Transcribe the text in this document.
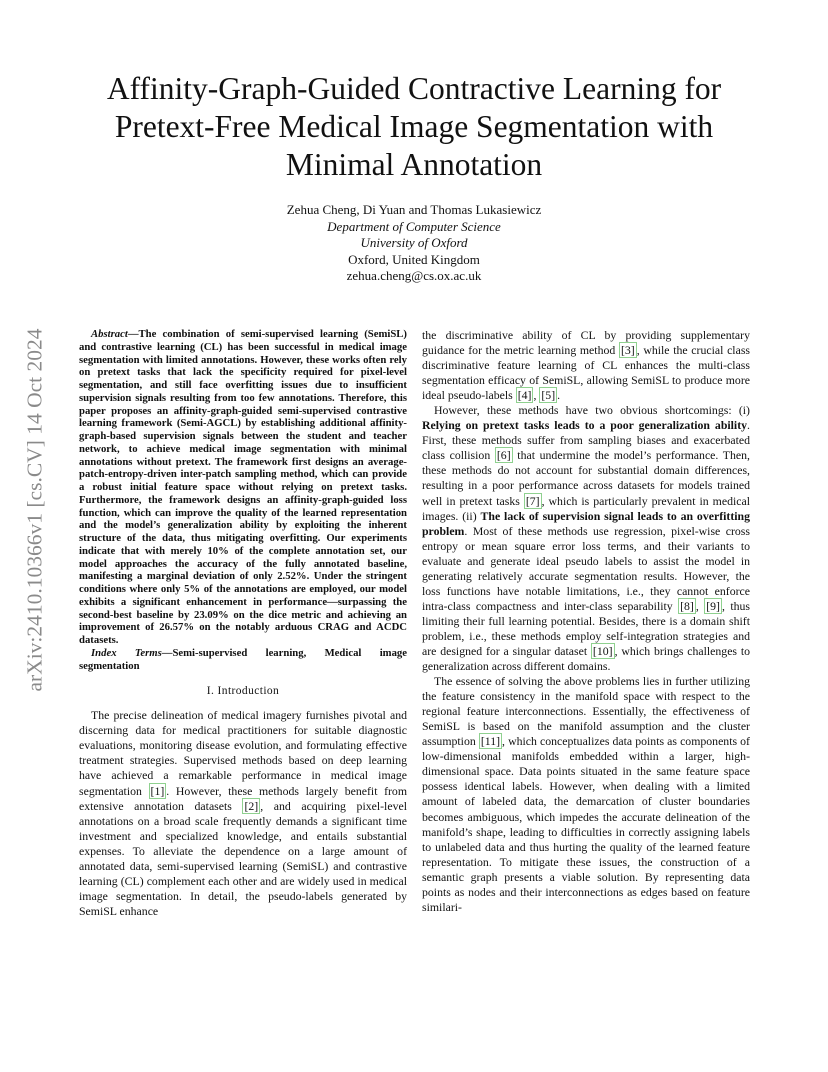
arXiv:2410.10366v1 [cs.CV] 14 Oct 2024
Affinity-Graph-Guided Contractive Learning for
Pretext-Free Medical Image Segmentation with
Minimal Annotation
Zehua Cheng, Di Yuan and Thomas Lukasiewicz
Department of Computer Science
University of Oxford
Oxford, United Kingdom
zehua.cheng@cs.ox.ac.uk

Abstract—The combination of semi-supervised learning (SemiSL) and contrastive learning (CL) has been successful in medical image segmentation with limited annotations. However, these works often rely on pretext tasks that lack the specificity required for pixel-level segmentation, and still face overfitting issues due to insufficient supervision signals resulting from too few annotations. Therefore, this paper proposes an affinity-graph-guided semi-supervised contrastive learning framework (Semi-AGCL) by establishing additional affinity-graph-based supervision signals between the student and teacher network, to achieve medical image segmentation with minimal annotations without pretext. The framework first designs an average-patch-entropy-driven inter-patch sampling method, which can provide a robust initial feature space without relying on pretext tasks. Furthermore, the framework designs an affinity-graph-guided loss function, which can improve the quality of the learned representation and the model’s generalization ability by exploiting the inherent structure of the data, thus mitigating overfitting. Our experiments indicate that with merely 10% of the complete annotation set, our model approaches the accuracy of the fully annotated baseline, manifesting a marginal deviation of only 2.52%. Under the stringent conditions where only 5% of the annotations are employed, our model exhibits a significant enhancement in performance—surpassing the second-best baseline by 23.09% on the dice metric and achieving an improvement of 26.57% on the notably arduous CRAG and ACDC datasets.

Index Terms—Semi-supervised learning, Medical image segmentation

I. Introduction

The precise delineation of medical imagery furnishes pivotal and discerning data for medical practitioners for suitable diagnostic evaluations, monitoring disease evolution, and formulating effective treatment strategies. Supervised methods based on deep learning have achieved a remarkable performance in medical image segmentation [1] . However, these methods largely benefit from extensive annotation datasets [2] , and acquiring pixel-level annotations on a broad scale frequently demands a significant time investment and specialized knowledge, and entails substantial expenses. To alleviate the dependence on a large amount of annotated data, semi-supervised learning (SemiSL) and contrastive learning (CL) complement each other and are widely used in medical image segmentation. In detail, the pseudo-labels generated by SemiSL enhance

the discriminative ability of CL by providing supplementary guidance for the metric learning method [3] , while the crucial class discriminative feature learning of CL enhances the multi-class segmentation efficacy of SemiSL, allowing SemiSL to produce more ideal pseudo-labels [4] , [5] .

However, these methods have two obvious shortcomings: (i) Relying on pretext tasks leads to a poor generalization ability. First, these methods suffer from sampling biases and exacerbated class collision [6] that undermine the model’s performance. Then, these methods do not account for substantial domain differences, resulting in a poor performance across datasets for models trained well in pretext tasks [7] , which is particularly prevalent in medical images. (ii) The lack of supervision signal leads to an overfitting problem. Most of these methods use regression, pixel-wise cross entropy or mean square error loss terms, and their variants to evaluate and generate ideal pseudo labels to assist the model in generating relatively accurate segmentation results. However, the loss functions have notable limitations, i.e., they cannot enforce intra-class compactness and inter-class separability [8] , [9] , thus limiting their full learning potential. Besides, there is a domain shift problem, i.e., these methods employ self-integration strategies and are designed for a singular dataset [10] , which brings challenges to generalization across different domains.

The essence of solving the above problems lies in further utilizing the feature consistency in the manifold space with respect to the regional feature interconnections. Essentially, the effectiveness of SemiSL is based on the manifold assumption and the cluster assumption [11] , which conceptualizes data points as components of low-dimensional manifolds embedded within a larger, high-dimensional space. Data points situated in the same feature space possess identical labels. However, when dealing with a limited amount of labeled data, the demarcation of cluster boundaries becomes ambiguous, which impedes the accurate delineation of the manifold’s shape, leading to difficulties in correctly assigning labels to unlabeled data and thus hurting the quality of the learned feature representation. To mitigate these issues, the construction of a semantic graph presents a viable solution. By representing data points as nodes and their interconnections as edges based on feature similari-
